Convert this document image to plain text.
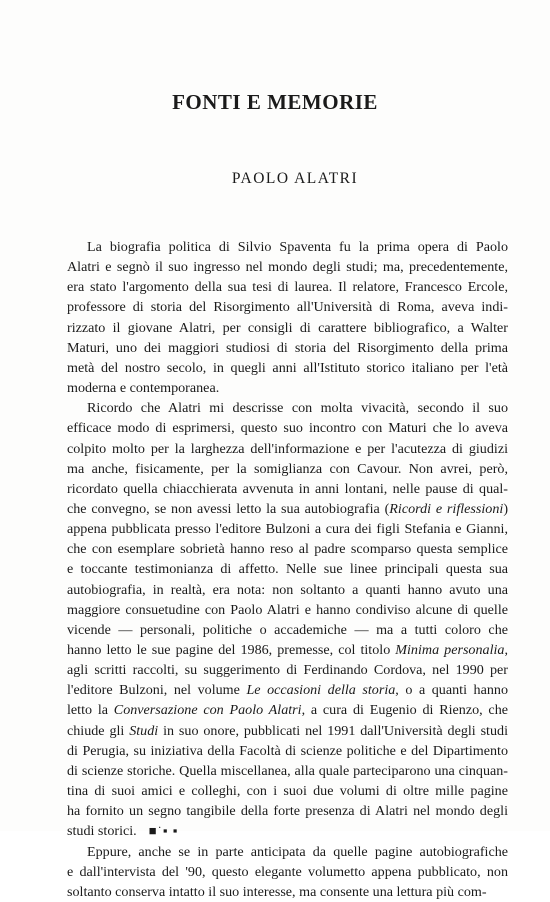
FONTI E MEMORIE
PAOLO ALATRI
La biografia politica di Silvio Spaventa fu la prima opera di Paolo
Alatri e segnò il suo ingresso nel mondo degli studi; ma, precedentemente,
era stato l'argomento della sua tesi di laurea. Il relatore, Francesco Ercole,
professore di storia del Risorgimento all'Università di Roma, aveva indi-
rizzato il giovane Alatri, per consigli di carattere bibliografico, a Walter
Maturi, uno dei maggiori studiosi di storia del Risorgimento della prima
metà del nostro secolo, in quegli anni all'Istituto storico italiano per l'età
moderna e contemporanea.
Ricordo che Alatri mi descrisse con molta vivacità, secondo il suo
efficace modo di esprimersi, questo suo incontro con Maturi che lo aveva
colpito molto per la larghezza dell'informazione e per l'acutezza di giudizi
ma anche, fisicamente, per la somiglianza con Cavour. Non avrei, però,
ricordato quella chiacchierata avvenuta in anni lontani, nelle pause di qual-
che convegno, se non avessi letto la sua autobiografia (Ricordi e riflessioni)
appena pubblicata presso l'editore Bulzoni a cura dei figli Stefania e Gianni,
che con esemplare sobrietà hanno reso al padre scomparso questa semplice
e toccante testimonianza di affetto. Nelle sue linee principali questa sua
autobiografia, in realtà, era nota: non soltanto a quanti hanno avuto una
maggiore consuetudine con Paolo Alatri e hanno condiviso alcune di quelle
vicende — personali, politiche o accademiche — ma a tutti coloro che
hanno letto le sue pagine del 1986, premesse, col titolo Minima personalia,
agli scritti raccolti, su suggerimento di Ferdinando Cordova, nel 1990 per
l'editore Bulzoni, nel volume Le occasioni della storia, o a quanti hanno
letto la Conversazione con Paolo Alatri, a cura di Eugenio di Rienzo, che
chiude gli Studi in suo onore, pubblicati nel 1991 dall'Università degli studi
di Perugia, su iniziativa della Facoltà di scienze politiche e del Dipartimento
di scienze storiche. Quella miscellanea, alla quale parteciparono una cinquan-
tina di suoi amici e colleghi, con i suoi due volumi di oltre mille pagine
ha fornito un segno tangibile della forte presenza di Alatri nel mondo degli
studi storici. ■˙▪ ▪
Eppure, anche se in parte anticipata da quelle pagine autobiografiche
e dall'intervista del '90, questo elegante volumetto appena pubblicato, non
soltanto conserva intatto il suo interesse, ma consente una lettura più com-
